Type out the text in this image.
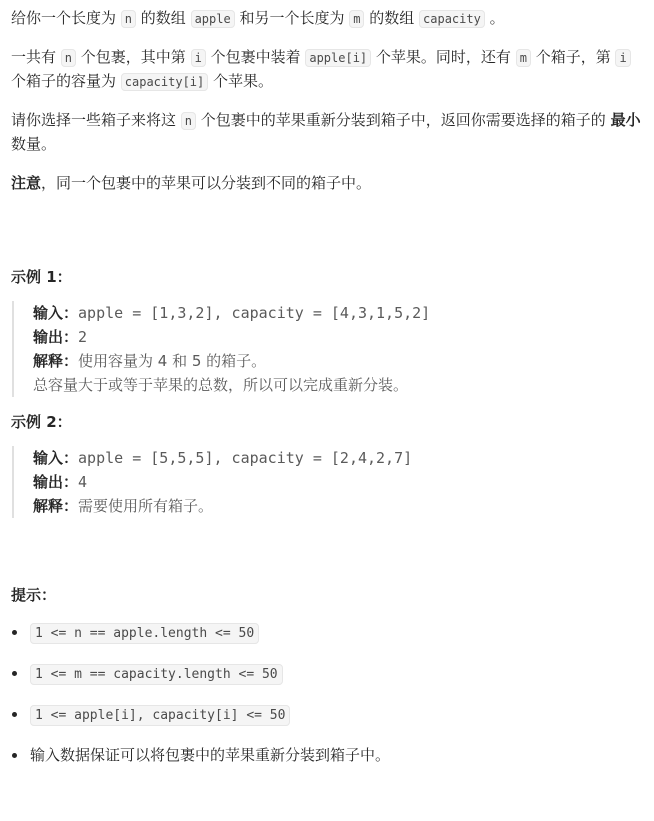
给你一个长度为 n 的数组 apple 和另一个长度为 m 的数组 capacity 。

一共有 n 个包裹，其中第 i 个包裹中装着 apple[i] 个苹果。同时，还有 m 个箱子，第 i 个箱子的容量为 capacity[i] 个苹果。

请你选择一些箱子来将这 n 个包裹中的苹果重新分装到箱子中，返回你需要选择的箱子的 最小 数量。

注意，同一个包裹中的苹果可以分装到不同的箱子中。

示例 1：

输入：apple = [1,3,2], capacity = [4,3,1,5,2]
输出：2
解释：使用容量为 4 和 5 的箱子。
总容量大于或等于苹果的总数，所以可以完成重新分装。

示例 2：

输入：apple = [5,5,5], capacity = [2,4,2,7]
输出：4
解释：需要使用所有箱子。

提示：

1 <= n == apple.length <= 50
1 <= m == capacity.length <= 50
1 <= apple[i], capacity[i] <= 50
输入数据保证可以将包裹中的苹果重新分装到箱子中。
